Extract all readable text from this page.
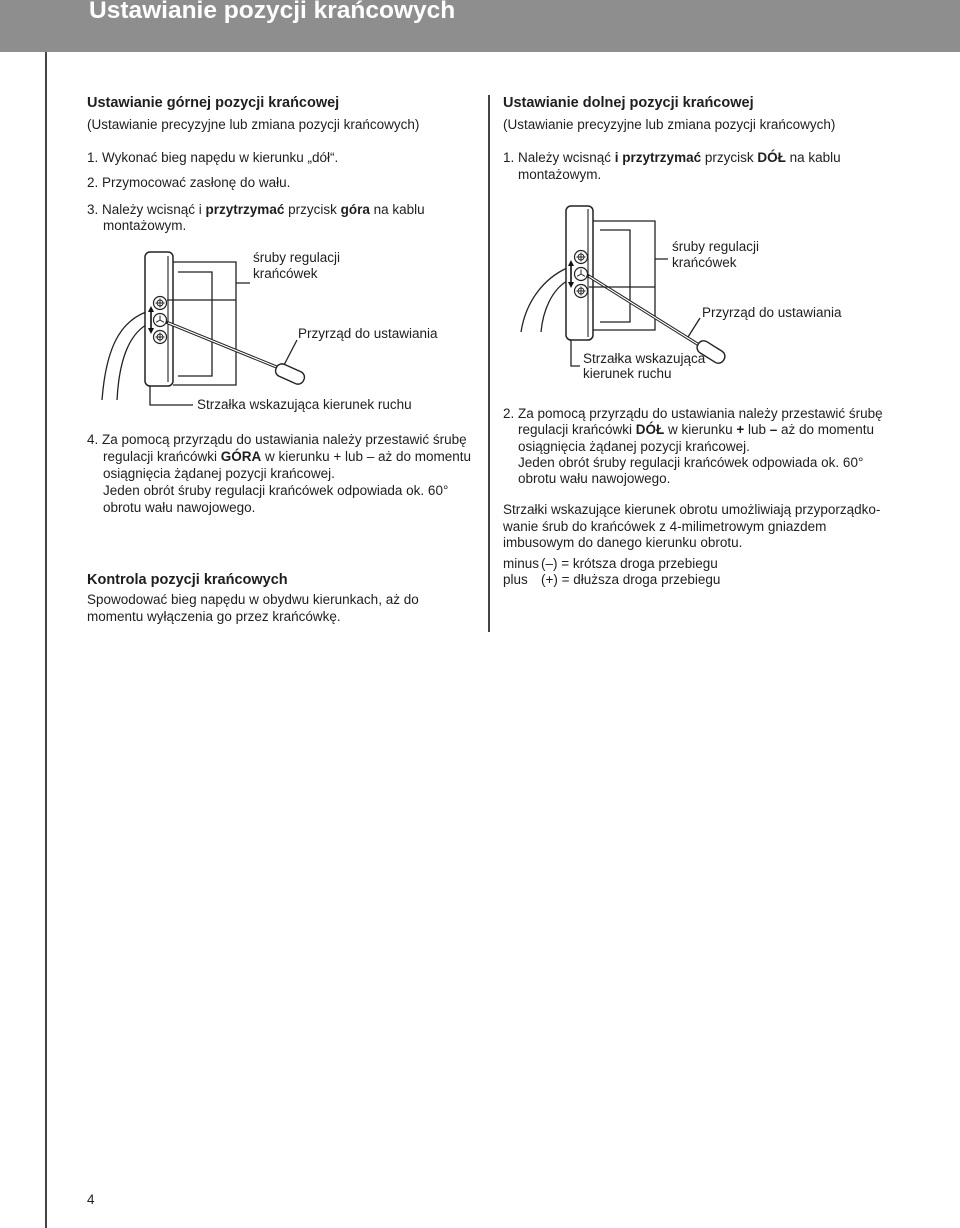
Ustawianie pozycji krańcowych
Ustawianie górnej pozycji krańcowej
(Ustawianie precyzyjne lub zmiana pozycji krańcowych)
1. Wykonać bieg napędu w kierunku „dół“.
2. Przymocować zasłonę do wału.
3. Należy wcisnąć i przytrzymać przycisk góra na kablu
montażowym.
śruby regulacji
krańcówek
Przyrząd do ustawiania
Strzałka wskazująca kierunek ruchu
4. Za pomocą przyrządu do ustawiania należy przestawić śrubę
regulacji krańcówki GÓRA w kierunku + lub – aż do momentu
osiągnięcia żądanej pozycji krańcowej.
Jeden obrót śruby regulacji krańcówek odpowiada ok. 60°
obrotu wału nawojowego.
Kontrola pozycji krańcowych
Spowodować bieg napędu w obydwu kierunkach, aż do
momentu wyłączenia go przez krańcówkę.
Ustawianie dolnej pozycji krańcowej
(Ustawianie precyzyjne lub zmiana pozycji krańcowych)
1. Należy wcisnąć i przytrzymać przycisk DÓŁ na kablu
montażowym.
śruby regulacji
krańcówek
Przyrząd do ustawiania
Strzałka wskazująca
kierunek ruchu
2. Za pomocą przyrządu do ustawiania należy przestawić śrubę
regulacji krańcówki DÓŁ w kierunku + lub – aż do momentu
osiągnięcia żądanej pozycji krańcowej.
Jeden obrót śruby regulacji krańcówek odpowiada ok. 60°
obrotu wału nawojowego.
Strzałki wskazujące kierunek obrotu umożliwiają przyporządko-
wanie śrub do krańcówek z 4-milimetrowym gniazdem
imbusowym do danego kierunku obrotu.
minus (–) = krótsza droga przebiegu
plus (+) = dłuższa droga przebiegu
4
